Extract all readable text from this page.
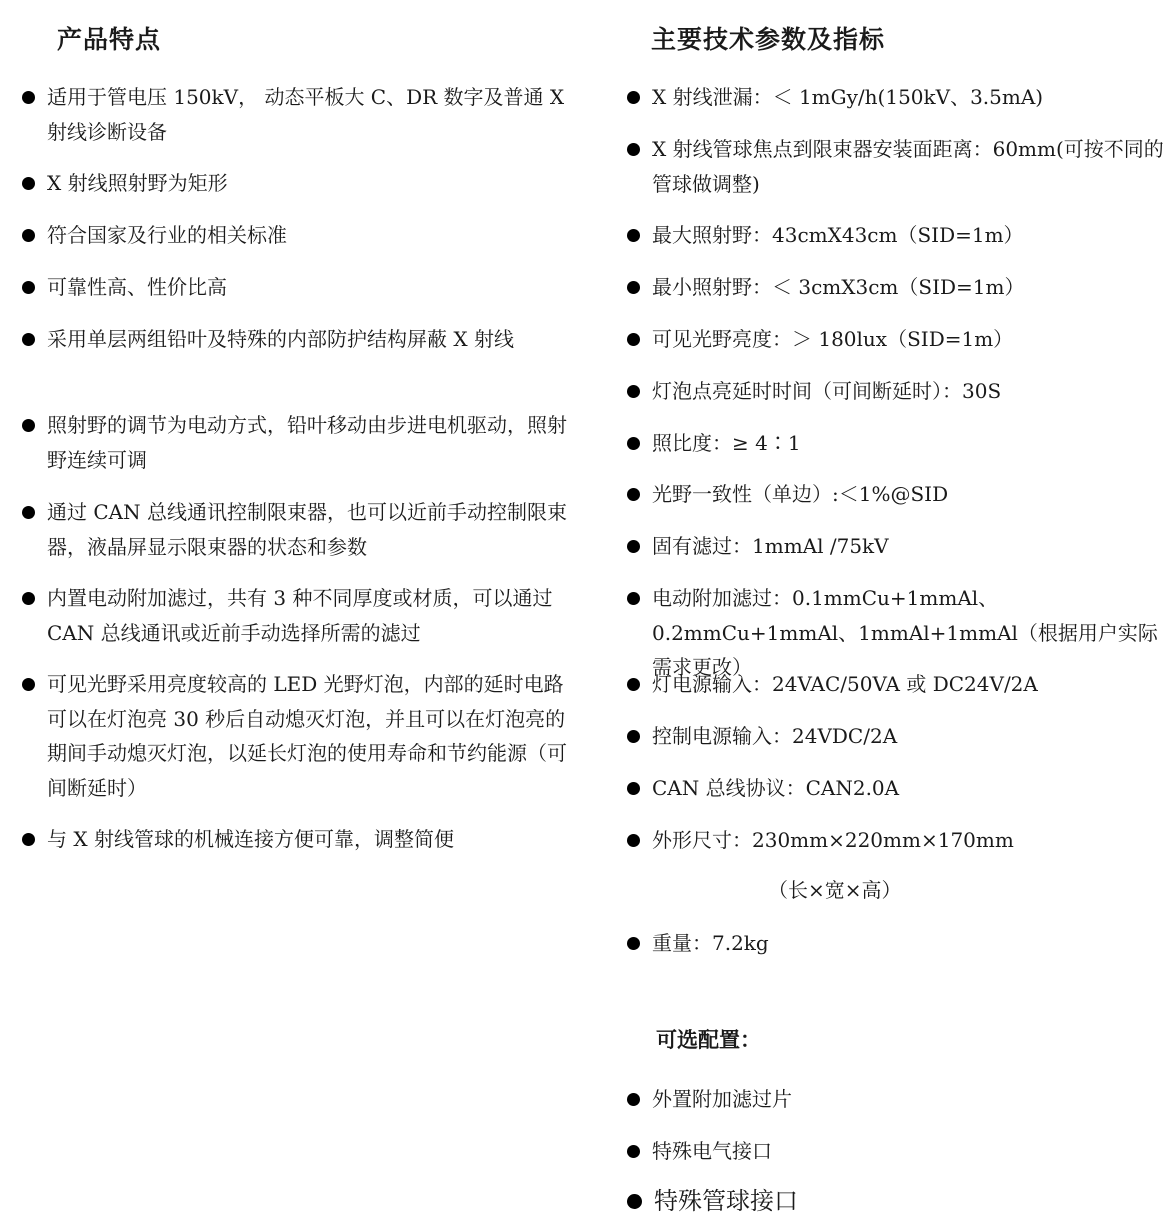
产品特点
适用于管电压 150kV， 动态平板大 C、DR 数字及普通 X 射线诊断设备
X 射线照射野为矩形
符合国家及行业的相关标准
可靠性高、性价比高
采用单层两组铅叶及特殊的内部防护结构屏蔽 X 射线
照射野的调节为电动方式，铅叶移动由步进电机驱动，照射野连续可调
通过 CAN 总线通讯控制限束器，也可以近前手动控制限束器，液晶屏显示限束器的状态和参数
内置电动附加滤过，共有 3 种不同厚度或材质，可以通过 CAN 总线通讯或近前手动选择所需的滤过
可见光野采用亮度较高的 LED 光野灯泡，内部的延时电路可以在灯泡亮 30 秒后自动熄灭灯泡，并且可以在灯泡亮的期间手动熄灭灯泡，以延长灯泡的使用寿命和节约能源（可间断延时）
与 X 射线管球的机械连接方便可靠，调整简便
主要技术参数及指标
X 射线泄漏：＜ 1mGy/h(150kV、3.5mA)
X 射线管球焦点到限束器安装面距离：60mm(可按不同的管球做调整)
最大照射野：43cmX43cm（SID=1m）
最小照射野：＜ 3cmX3cm（SID=1m）
可见光野亮度：＞ 180lux（SID=1m）
灯泡点亮延时时间（可间断延时）：30S
照比度：≥ 4∶1
光野一致性（单边）:＜1%@SID
固有滤过：1mmAl /75kV
电动附加滤过：0.1mmCu+1mmAl、0.2mmCu+1mmAl、1mmAl+1mmAl（根据用户实际需求更改）
灯电源输入：24VAC/50VA 或 DC24V/2A
控制电源输入：24VDC/2A
CAN 总线协议：CAN2.0A
外形尺寸：230mm×220mm×170mm
（长×宽×高）
重量：7.2kg
可选配置：
外置附加滤过片
特殊电气接口
特殊管球接口
